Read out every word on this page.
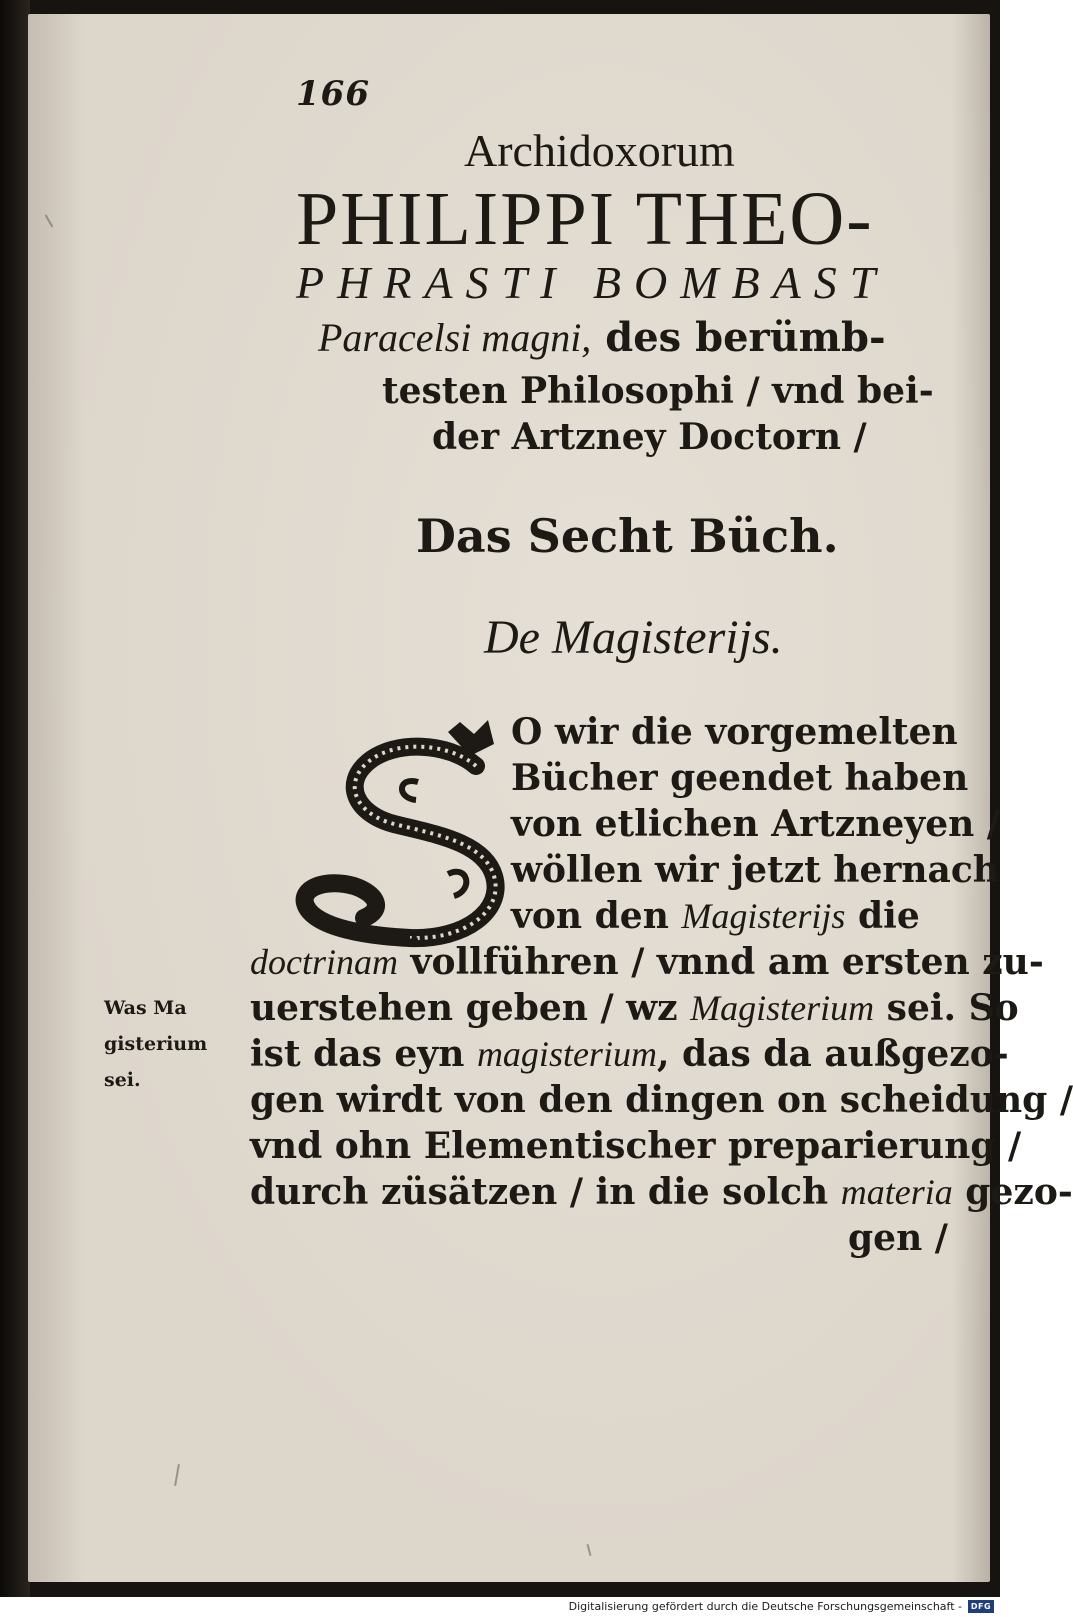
166
Archidoxorum
PHILIPPI THEO-
PHRASTI BOMBAST
Paracelsi magni, des berümb-
testen Philosophi / vnd bei-
der Artzney Doctorn /
Das Secht Büch.
De Magisterijs.
S	O wir die vorgemelten
Bücher geendet haben
von etlichen Artzneyen /
wöllen wir jetzt hernach
von den Magisterijs die
doctrinam vollführen / vnnd am ersten zu-
uerstehen geben / wz Magisterium sei. So
ist das eyn magisterium, das da außgezo-
gen wirdt von den dingen on scheidung /
vnd ohn Elementischer preparierung /
durch züsätzen / in die solch materia gezo-
gen /
Was Ma
gisterium
sei.
Digitalisierung gefördert durch die Deutsche Forschungsgemeinschaft -	DFG
